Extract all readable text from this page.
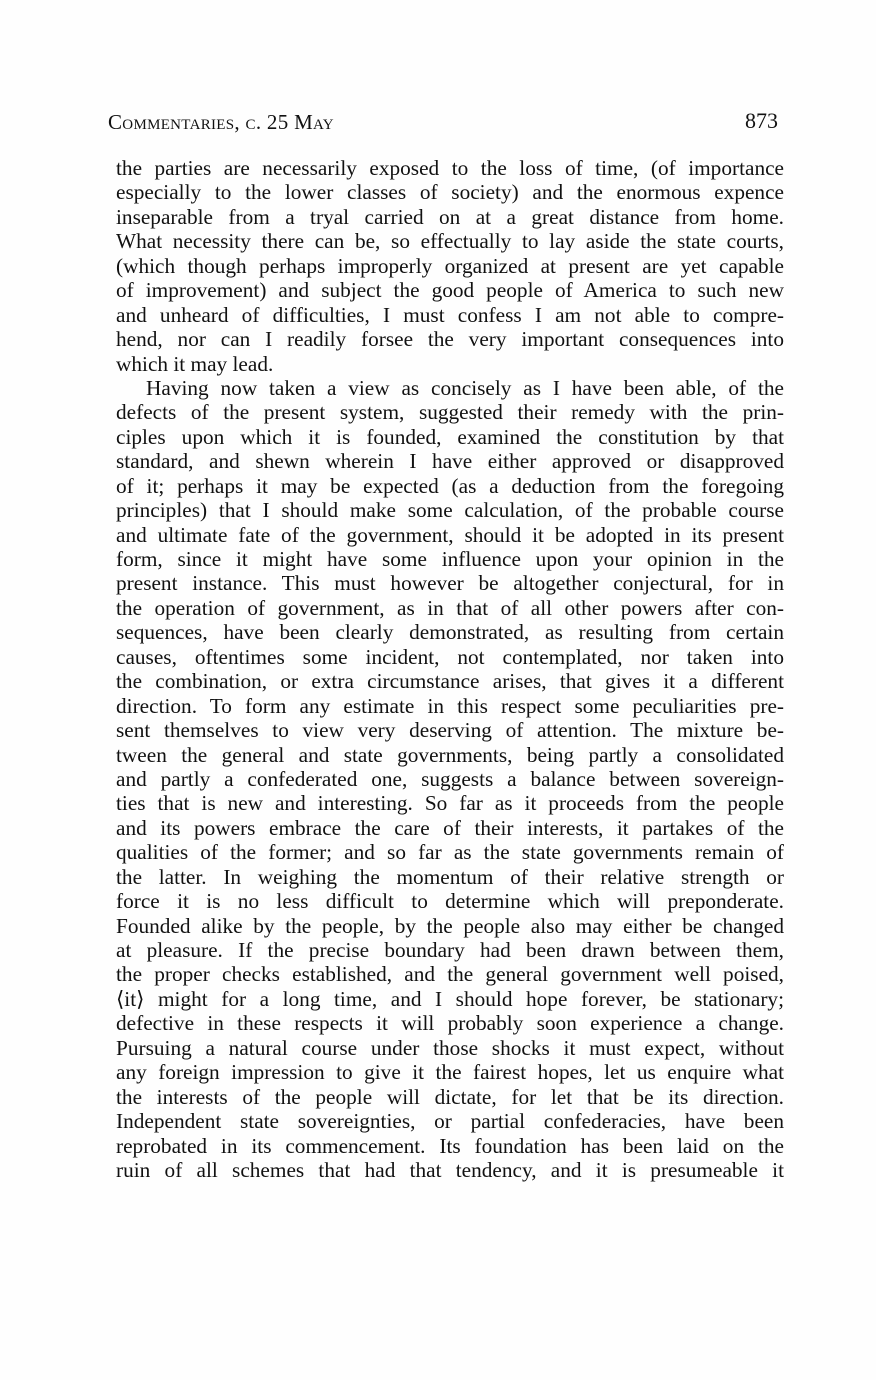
Commentaries, c. 25 May	873
the parties are necessarily exposed to the loss of time, (of importance
especially to the lower classes of society) and the enormous expence
inseparable from a tryal carried on at a great distance from home.
What necessity there can be, so effectually to lay aside the state courts,
(which though perhaps improperly organized at present are yet capable
of improvement) and subject the good people of America to such new
and unheard of difficulties, I must confess I am not able to compre-
hend, nor can I readily forsee the very important consequences into
which it may lead.
Having now taken a view as concisely as I have been able, of the
defects of the present system, suggested their remedy with the prin-
ciples upon which it is founded, examined the constitution by that
standard, and shewn wherein I have either approved or disapproved
of it; perhaps it may be expected (as a deduction from the foregoing
principles) that I should make some calculation, of the probable course
and ultimate fate of the government, should it be adopted in its present
form, since it might have some influence upon your opinion in the
present instance. This must however be altogether conjectural, for in
the operation of government, as in that of all other powers after con-
sequences, have been clearly demonstrated, as resulting from certain
causes, oftentimes some incident, not contemplated, nor taken into
the combination, or extra circumstance arises, that gives it a different
direction. To form any estimate in this respect some peculiarities pre-
sent themselves to view very deserving of attention. The mixture be-
tween the general and state governments, being partly a consolidated
and partly a confederated one, suggests a balance between sovereign-
ties that is new and interesting. So far as it proceeds from the people
and its powers embrace the care of their interests, it partakes of the
qualities of the former; and so far as the state governments remain of
the latter. In weighing the momentum of their relative strength or
force it is no less difficult to determine which will preponderate.
Founded alike by the people, by the people also may either be changed
at pleasure. If the precise boundary had been drawn between them,
the proper checks established, and the general government well poised,
⟨it⟩ might for a long time, and I should hope forever, be stationary;
defective in these respects it will probably soon experience a change.
Pursuing a natural course under those shocks it must expect, without
any foreign impression to give it the fairest hopes, let us enquire what
the interests of the people will dictate, for let that be its direction.
Independent state sovereignties, or partial confederacies, have been
reprobated in its commencement. Its foundation has been laid on the
ruin of all schemes that had that tendency, and it is presumeable it
